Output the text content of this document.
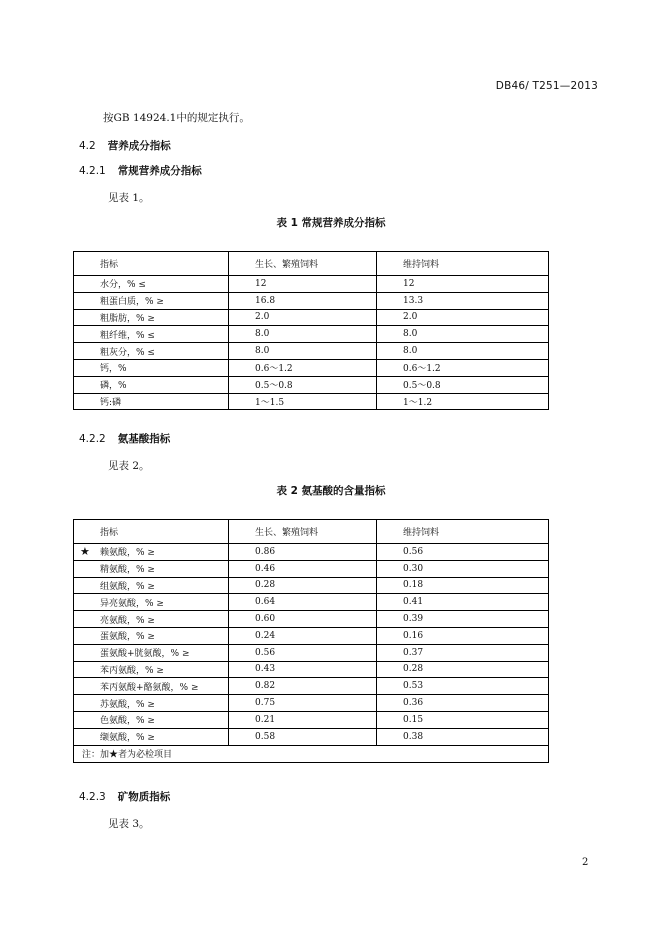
DB46/ T251—2013
按GB 14924.1中的规定执行。
4.2 营养成分指标
4.2.1 常规营养成分指标
见表 1。
表 1 常规营养成分指标
指标	生长、繁殖饲料	维持饲料
水分，% ≤	12	12
粗蛋白质，% ≥	16.8	13.3
粗脂肪，% ≥	2.0	2.0
粗纤维，% ≤	8.0	8.0
粗灰分，% ≤	8.0	8.0
钙，%	0.6～1.2	0.6～1.2
磷，%	0.5～0.8	0.5～0.8
钙:磷	1～1.5	1～1.2
4.2.2 氨基酸指标
见表 2。
表 2 氨基酸的含量指标
指标	生长、繁殖饲料	维持饲料

★ 赖氨酸，% ≥	0.86	0.56
精氨酸，% ≥	0.46	0.30
组氨酸，% ≥	0.28	0.18
异亮氨酸，% ≥	0.64	0.41
亮氨酸，% ≥	0.60	0.39
蛋氨酸，% ≥	0.24	0.16
蛋氨酸+胱氨酸，% ≥	0.56	0.37
苯丙氨酸，% ≥	0.43	0.28
苯丙氨酸+酪氨酸，% ≥	0.82	0.53
苏氨酸，% ≥	0.75	0.36
色氨酸，% ≥	0.21	0.15
缬氨酸，% ≥	0.58	0.38
注：加★者为必检项目		
4.2.3 矿物质指标
见表 3。
2
